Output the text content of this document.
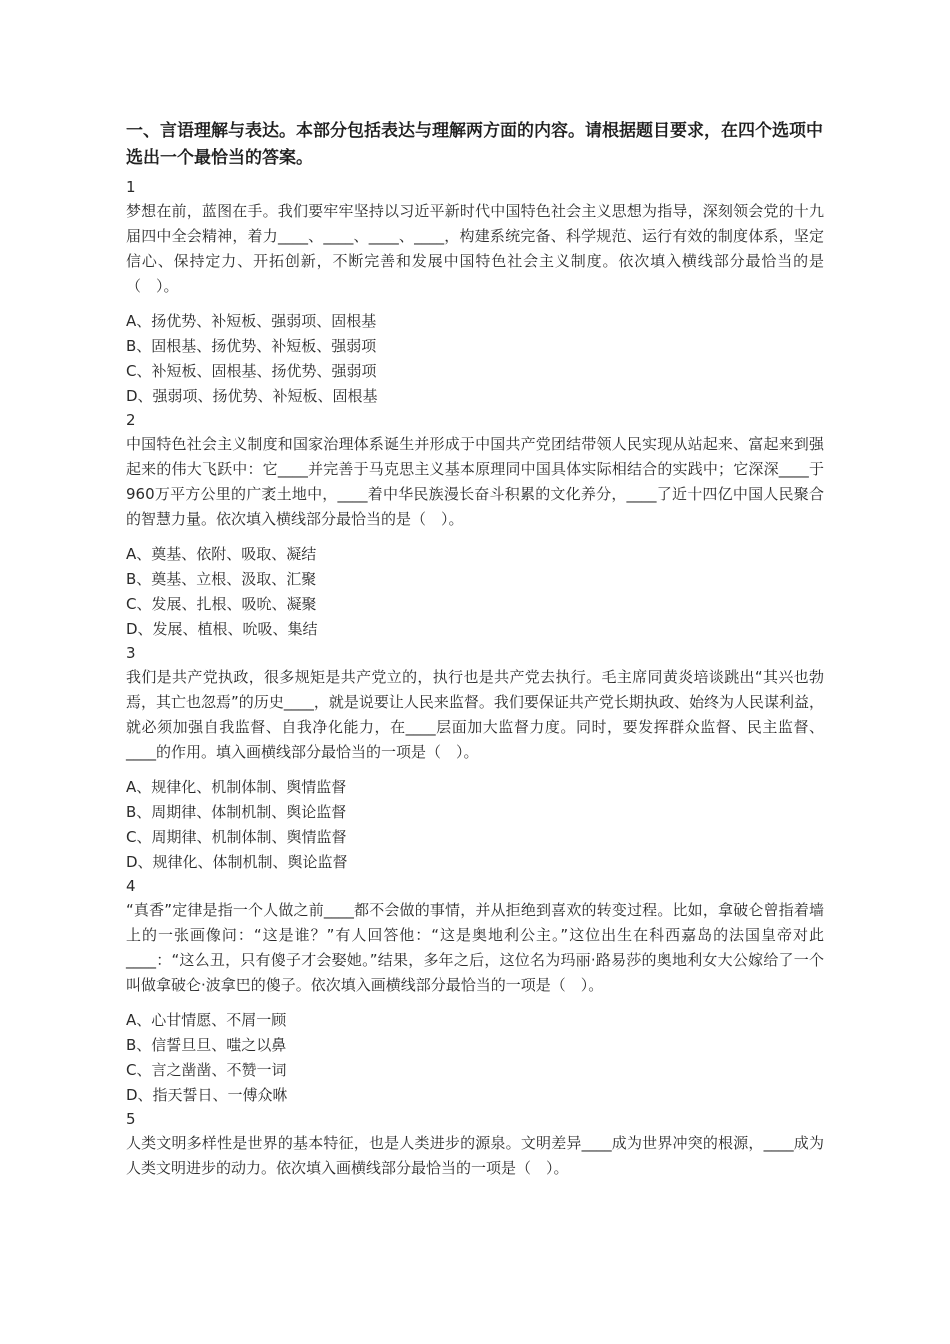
一、言语理解与表达。本部分包括表达与理解两方面的内容。请根据题目要求，在四个选项中选出一个最恰当的答案。
1

梦想在前，蓝图在手。我们要牢牢坚持以习近平新时代中国特色社会主义思想为指导，深刻领会党的十九届四中全会精神，着力____、____、____、____，构建系统完备、科学规范、运行有效的制度体系，坚定信心、保持定力、开拓创新，不断完善和发展中国特色社会主义制度。依次填入横线部分最恰当的是（　）。

A、扬优势、补短板、强弱项、固根基
B、固根基、扬优势、补短板、强弱项
C、补短板、固根基、扬优势、强弱项
D、强弱项、扬优势、补短板、固根基
2

中国特色社会主义制度和国家治理体系诞生并形成于中国共产党团结带领人民实现从站起来、富起来到强起来的伟大飞跃中：它____并完善于马克思主义基本原理同中国具体实际相结合的实践中；它深深____于960万平方公里的广袤土地中，____着中华民族漫长奋斗积累的文化养分，____了近十四亿中国人民聚合的智慧力量。依次填入横线部分最恰当的是（　）。

A、奠基、依附、吸取、凝结
B、奠基、立根、汲取、汇聚
C、发展、扎根、吸吮、凝聚
D、发展、植根、吮吸、集结
3

我们是共产党执政，很多规矩是共产党立的，执行也是共产党去执行。毛主席同黄炎培谈跳出“其兴也勃焉，其亡也忽焉”的历史____，就是说要让人民来监督。我们要保证共产党长期执政、始终为人民谋利益，就必须加强自我监督、自我净化能力，在____层面加大监督力度。同时，要发挥群众监督、民主监督、____的作用。填入画横线部分最恰当的一项是（　）。

A、规律化、机制体制、舆情监督
B、周期律、体制机制、舆论监督
C、周期律、机制体制、舆情监督
D、规律化、体制机制、舆论监督
4

“真香”定律是指一个人做之前____都不会做的事情，并从拒绝到喜欢的转变过程。比如，拿破仑曾指着墙上的一张画像问：“这是谁？”有人回答他：“这是奥地利公主。”这位出生在科西嘉岛的法国皇帝对此____：“这么丑，只有傻子才会娶她。”结果，多年之后，这位名为玛丽·路易莎的奥地利女大公嫁给了一个叫做拿破仑·波拿巴的傻子。依次填入画横线部分最恰当的一项是（　）。

A、心甘情愿、不屑一顾
B、信誓旦旦、嗤之以鼻
C、言之凿凿、不赞一词
D、指天誓日、一傅众咻
5

人类文明多样性是世界的基本特征，也是人类进步的源泉。文明差异____成为世界冲突的根源，____成为人类文明进步的动力。依次填入画横线部分最恰当的一项是（　）。
